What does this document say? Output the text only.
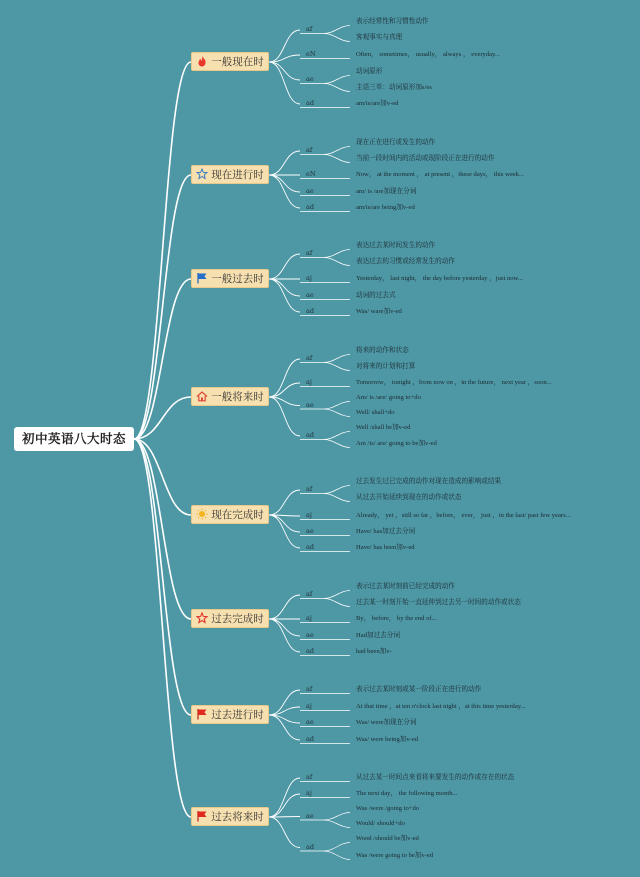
初中英语八大时态
一般现在时
af
表示经常性和习惯性动作
客观事实与真理
eN	Often， sometimes， usually， always ， everyday...
ae
动词原形
主语三单：动词原形加s/es
ad	am/is/are加v-ed
现在进行时
af
现在正在进行或发生的动作
当前一段时间内的活动或现阶段正在进行的动作
eN	Now， at the moment ， at present ，these days， this week...
ae	am/ is /are加现在分词
ad	am/is/are being加v-ed
一般过去时
af
表达过去某时间发生的动作
表达过去的习惯或经常发生的动作
aj	Yesterday， last night， the day before yesterday ，just now...
ae	动词的过去式
ad	Was/ ware加v-ed
一般将来时
af
将来的动作和状态
对将来的计划和打算
aj	Tomorrow， tonight ，from now on ，in the future， next year ，soon...
ae
Am/ is /are/ going to+do
Well/ shall+do
ad
Well /shall be加v-ed
Am /is/ are/ going to be加v-ed
现在完成时
af
过去发生过已完成的动作对现在造成的影响或结果
从过去开始延续到现在的动作或状态
aj	Already， yet ，still so far ，before， ever， just ，in the last/ past few years...
ae	Have/ has加过去分词
ad	Have/ has been加v-ed
过去完成时
af
表示过去某时刻前已经完成的动作
过去某一时刻开始一直延伸到过去另一时间的动作或状态
aj	By， before， by the end of...
ae	Had加过去分词
ad	had been加v-
过去进行时
af	表示过去某时刻或某一阶段正在进行的动作
aj	At that time ，at ten o'clock last night ，at this time yesterday...
ae	Was/ were加现在分词
ad	Was/ were being加v-ed
过去将来时
af	从过去某一时间点来看将来要发生的动作或存在的状态
aj	The next day， the following month...
ae
Was /were /going to+do
Would/ should+do
ad
Wood /should be加v-ed
Was /were going to be加v-ed
